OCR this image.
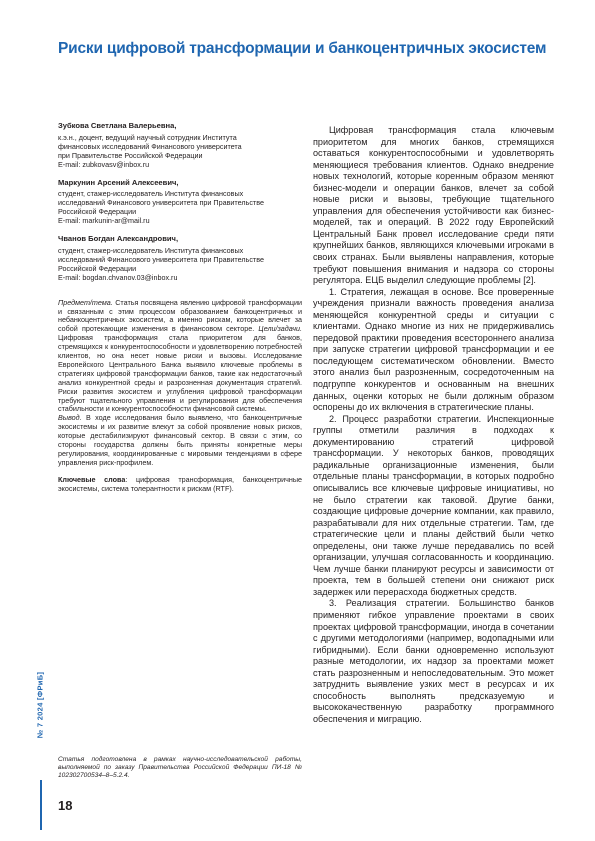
Риски цифровой трансформации и банкоцентричных экосистем
Зубкова Светлана Валерьевна,

к.э.н., доцент, ведущий научный сотрудник Института

финансовых исследований Финансового университета

при Правительстве Российской Федерации

E-mail: zubkovasv@inbox.ru

Маркунин Арсений Алексеевич,

студент, стажер-исследователь Института финансовых

исследований Финансового университета при Правительстве

Российской Федерации

E-mail: markunin-ar@mail.ru

Чванов Богдан Александрович,

студент, стажер-исследователь Института финансовых

исследований Финансового университета при Правительстве

Российской Федерации

E-mail: bogdan.chvanov.03@inbox.ru

Предмет/тема. Статья посвящена явлению цифровой трансформации и связанным с этим процессом образованием банкоцентричных и небанкоцентричных экосистем, а именно рискам, которые влечет за собой протекающие изменения в финансовом секторе. Цели/задачи. Цифровая трансформация стала приоритетом для банков, стремящихся к конкурентоспособности и удовлетворению потребностей клиентов, но она несет новые риски и вызовы. Исследование Европейского Центрального Банка выявило ключевые проблемы в стратегиях цифровой трансформации банков, такие как недостаточный анализ конкурентной среды и разрозненная документация стратегий. Риски развития экосистем и углубления цифровой трансформации требуют тщательного управления и регулирования для обеспечения стабильности и конкурентоспособности финансовой системы.

Вывод. В ходе исследования было выявлено, что банкоцентричные экосистемы и их развитие влекут за собой проявление новых рисков, которые дестабилизируют финансовый сектор. В связи с этим, со стороны государства должны быть приняты конкретные меры регулирования, координированные с мировыми тенденциями в сфере управления риск-профилем.

Ключевые слова: цифровая трансформация, банкоцентричные экосистемы, система толерантности к рискам (RTF).
Статья подготовлена в рамках научно-исследовательской работы, выполняемой по заказу Правительства Российской Федерации ПИ-18 № 102302700534–8–5.2.4.

Цифровая трансформация стала ключевым приоритетом для многих банков, стремящихся оставаться конкурентоспособными и удовлетворять меняющиеся требования клиентов. Однако внедрение новых технологий, которые коренным образом меняют бизнес-модели и операции банков, влечет за собой новые риски и вызовы, требующие тщательного управления для обеспечения устойчивости как бизнес-моделей, так и операций. В 2022 году Европейский Центральный Банк провел исследование среди пяти крупнейших банков, являющихся ключевыми игроками в своих странах. Были выявлены направления, которые требуют повышения внимания и надзора со стороны регулятора. ЕЦБ выделил следующие проблемы [2].

1. Стратегия, лежащая в основе. Все проверенные учреждения признали важность проведения анализа меняющейся конкурентной среды и ситуации с клиентами. Однако многие из них не придерживались передовой практики проведения всестороннего анализа при запуске стратегии цифровой трансформации и ее последующем систематическом обновлении. Вместо этого анализ был разрозненным, сосредоточенным на подгруппе конкурентов и основанным на внешних данных, оценки которых не были должным образом оспорены до их включения в стратегические планы.

2. Процесс разработки стратегии. Инспекционные группы отметили различия в подходах к документированию стратегий цифровой трансформации. У некоторых банков, проводящих радикальные организационные изменения, были отдельные планы трансформации, в которых подробно описывались все ключевые цифровые инициативы, но не было стратегии как таковой. Другие банки, создающие цифровые дочерние компании, как правило, разрабатывали для них отдельные стратегии. Там, где стратегические цели и планы действий были четко определены, они также лучше передавались по всей организации, улучшая согласованность и координацию. Чем лучше банки планируют ресурсы и зависимости от проекта, тем в большей степени они снижают риск задержек или перерасхода бюджетных средств.

3. Реализация стратегии. Большинство банков применяют гибкое управление проектами в своих проектах цифровой трансформации, иногда в сочетании с другими методологиями (например, водопадными или гибридными). Если банки одновременно используют разные методологии, их надзор за проектами может стать разрозненным и непоследовательным. Это может затруднить выявление узких мест в ресурсах и их способность выполнять предсказуемую и высококачественную разработку программного обеспечения и миграцию.

№ 7 2024 [ФРиБ]
18
